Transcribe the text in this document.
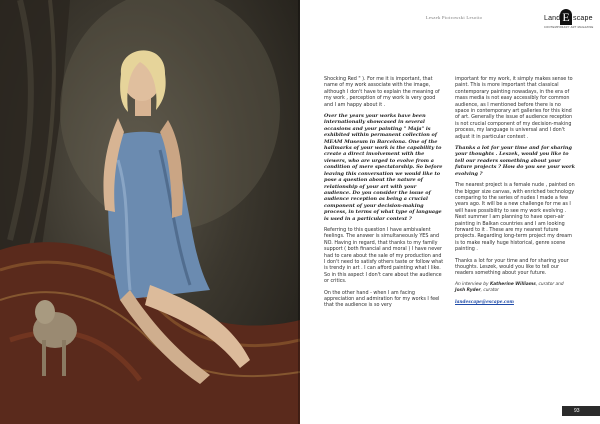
Leszek Piotrowski Lesotto	Land E scape
CONTEMPORARY ART MAGAZINE

Shocking Red " ). For me it is important, that name of my work associate with the image, although I don't have to explain the meaning of my work , perception of my work is very good and I am happy about it .

Over the years your works have been internationally showcased in several occasions and your painting " Maja" is exhibited within permanent collection of MEAM Museum in Barcelona. One of the hallmarks of your work is the capability to create a direct involvement with the viewers, who are urged to evolve from a condition of mere spectatorship. So before leaving this conversation we would like to pose a question about the nature of relationship of your art with your audience. Do you consider the issue of audience reception as being a crucial component of your decision-making process, in terms of what type of language is used in a particular context ?

Referring to this question I have ambivalent feelings. The answer is simultaneously YES and NO. Having in regard, that thanks to my family support ( both financial and moral ) I have never had to care about the sale of my production and I don't need to satisfy others taste or follow what is trendy in art . I can afford painting what I like. So in this aspect I don't care about the audience or critics.

On the other hand - when I am facing appreciation and admiration for my works I feel that the audience is so very

important for my work, it simply makes sense to paint. This is more important that classical contemporary painting nowadays, in the era of mass media is not easy accessibly for common audience, as I mentioned before there is no space in contemporary art galleries for this kind of art. Generally the issue of audience reception is not crucial component of my decision-making process, my language is universal and I don't adjust it in particular context .

Thanks a lot for your time and for sharing your thoughts . Leszek, would you like to tell our readers something about your future projects ? How do you see your work evolving ?

The nearest project is a female nude , painted on the bigger size canvas, with enriched technology comparing to the series of nudes I made a few years ago. It will be a new challenge for me as I will have possibility to see my work evolving . Next summer I am planning to have open-air painting in Balkan countries and I am looking forward to it . These are my nearest future projects. Regarding long-term project my dream is to make really huge historical, genre scene painting .

Thanks a lot for your time and for sharing your thoughts. Leszek, would you like to tell our readers something about your future.

An interview by Katherine Williams, curator and Josh Ryder, curator

landescape@escape.com

93
